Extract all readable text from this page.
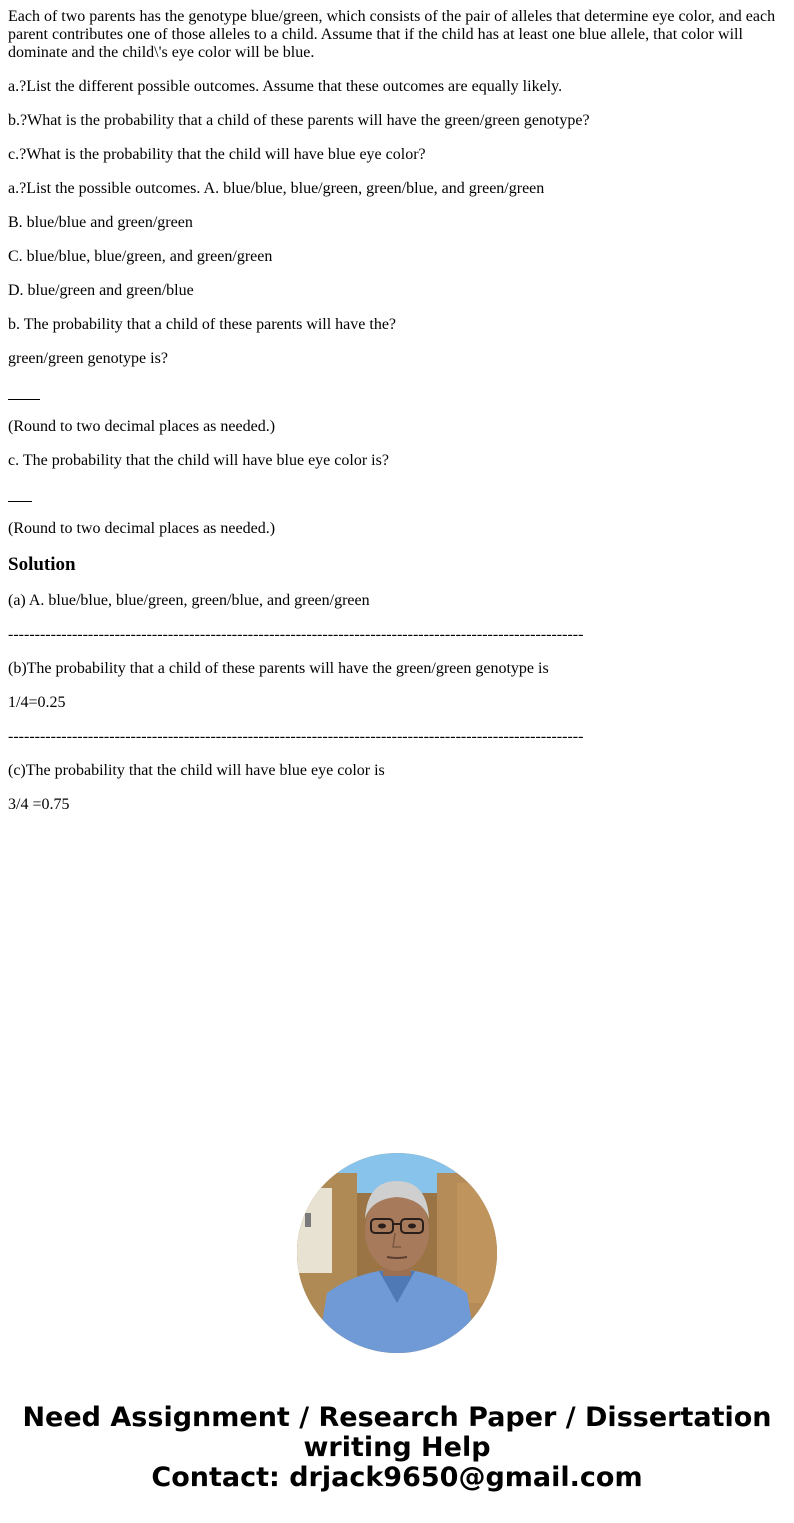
Each of two parents has the genotype blue/green, which consists of the pair of alleles that determine eye color, and each parent contributes one of those alleles to a child. Assume that if the child has at least one blue allele, that color will dominate and the child\'s eye color will be blue.

a.?List the different possible outcomes. Assume that these outcomes are equally likely.

b.?What is the probability that a child of these parents will have the green/green genotype?

c.?What is the probability that the child will have blue eye color?

a.?List the possible outcomes. A. blue/blue, blue/green, green/blue, and green/green

B. blue/blue and green/green

C. blue/blue, blue/green, and green/green

D. blue/green and green/blue

b. The probability that a child of these parents will have the?

green/green genotype is?

(Round to two decimal places as needed.)

c. The probability that the child will have blue eye color is?

(Round to two decimal places as needed.)

Solution

(a) A. blue/blue, blue/green, green/blue, and green/green

------------------------------------------------------------------------------------------------------------

(b)The probability that a child of these parents will have the green/green genotype is

1/4=0.25

------------------------------------------------------------------------------------------------------------

(c)The probability that the child will have blue eye color is

3/4 =0.75

Need Assignment / Research Paper / Dissertation
writing Help
Contact: drjack9650@gmail.com
